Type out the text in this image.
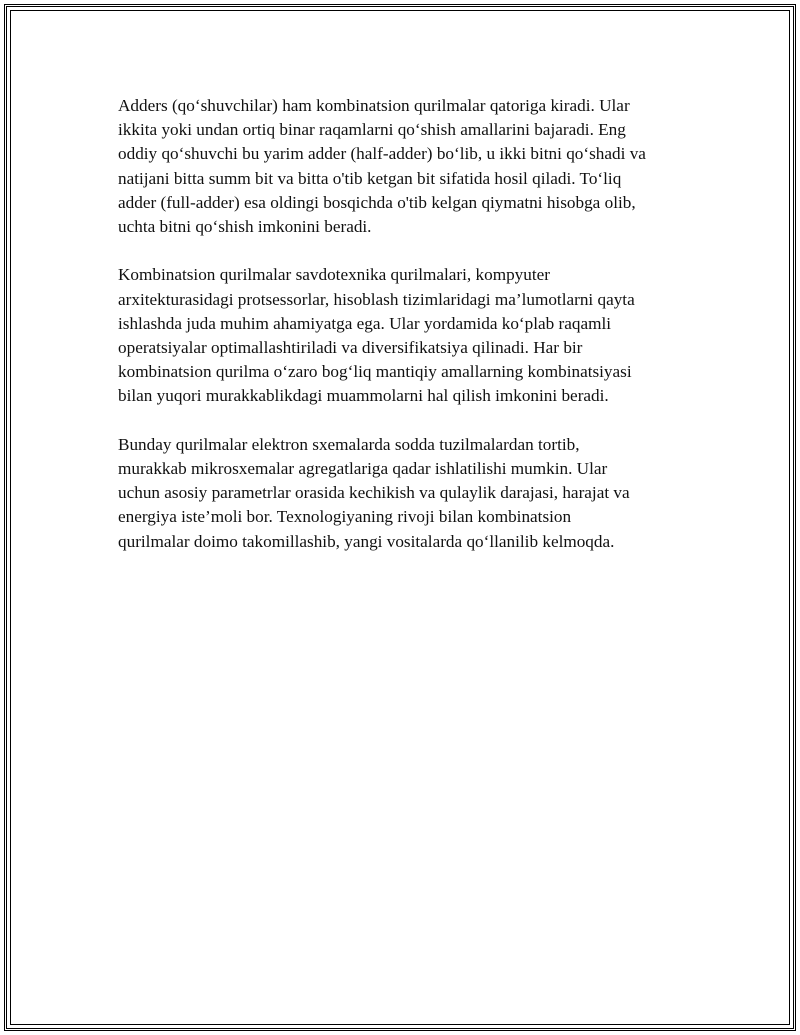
Adders (qo‘shuvchilar) ham kombinatsion qurilmalar qatoriga kiradi. Ular
ikkita yoki undan ortiq binar raqamlarni qo‘shish amallarini bajaradi. Eng
oddiy qo‘shuvchi bu yarim adder (half-adder) bo‘lib, u ikki bitni qo‘shadi va
natijani bitta summ bit va bitta o'tib ketgan bit sifatida hosil qiladi. To‘liq
adder (full-adder) esa oldingi bosqichda o'tib kelgan qiymatni hisobga olib,
uchta bitni qo‘shish imkonini beradi.

Kombinatsion qurilmalar savdotexnika qurilmalari, kompyuter
arxitekturasidagi protsessorlar, hisoblash tizimlaridagi ma’lumotlarni qayta
ishlashda juda muhim ahamiyatga ega. Ular yordamida ko‘plab raqamli
operatsiyalar optimallashtiriladi va diversifikatsiya qilinadi. Har bir
kombinatsion qurilma o‘zaro bog‘liq mantiqiy amallarning kombinatsiyasi
bilan yuqori murakkablikdagi muammolarni hal qilish imkonini beradi.

Bunday qurilmalar elektron sxemalarda sodda tuzilmalardan tortib,
murakkab mikrosxemalar agregatlariga qadar ishlatilishi mumkin. Ular
uchun asosiy parametrlar orasida kechikish va qulaylik darajasi, harajat va
energiya iste’moli bor. Texnologiyaning rivoji bilan kombinatsion
qurilmalar doimo takomillashib, yangi vositalarda qo‘llanilib kelmoqda.
